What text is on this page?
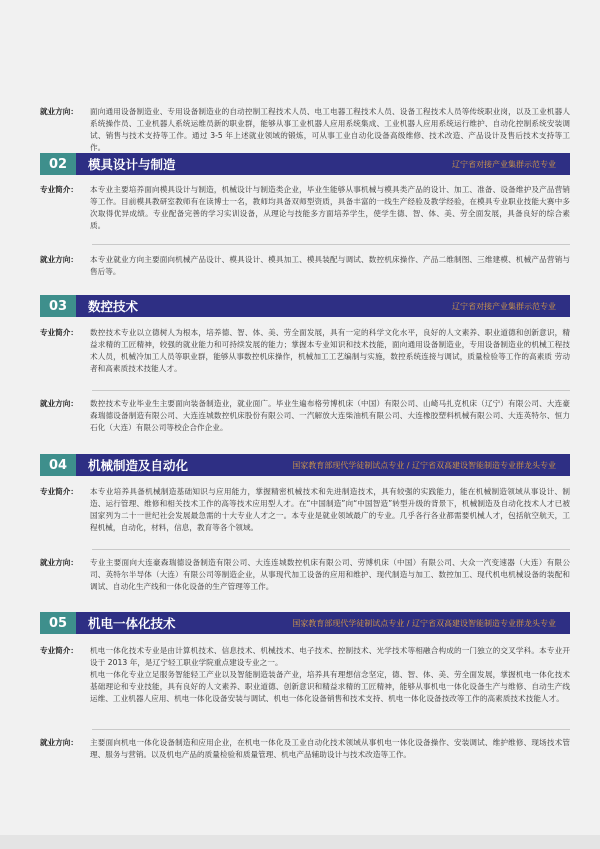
就业方向：	面向通用设备制造业、专用设备制造业的自动控制工程技术人员、电工电器工程技术人员、设备工程技术人员等传统职业岗，以及工业机器人系统操作员、工业机器人系统运维员新的职业群，能够从事工业机器人应用系统集成、工业机器人应用系统运行维护、自动化控制系统安装调试、销售与技术支持等工作。通过 3-5 年上述就业领域的锻炼，可从事工业自动化设备高级维修、技术改造、产品设计及售后技术支持等工作。
02	模具设计与制造	辽宁省对接产业集群示范专业
专业简介：	本专业主要培养面向模具设计与制造，机械设计与制造类企业，毕业生能够从事机械与模具类产品的设计、加工、准备、设备维护及产品营销等工作。目前模具教研室教师有在读博士一名，教师均具备双师型资质，具备丰富的一线生产经验及教学经验，在模具专业职业技能大赛中多次取得优异成绩。专业配备完善的学习实训设备，从理论与技能多方面培养学生，使学生德、智、体、美、劳全面发展，具备良好的综合素质。

就业方向：	本专业就业方向主要面向机械产品设计、模具设计、模具加工、模具装配与调试、数控机床操作、产品二维制图、三维建模、机械产品营销与售后等。
03	数控技术	辽宁省对接产业集群示范专业
专业简介：	数控技术专业以立德树人为根本，培养德、智、体、美、劳全面发展，具有一定的科学文化水平，良好的人文素养、职业道德和创新意识，精益求精的工匠精神，较强的就业能力和可持续发展的能力；掌握本专业知识和技术技能，面向通用设备制造业，专用设备制造业的机械工程技术人员，机械冷加工人员等职业群，能够从事数控机床操作，机械加工工艺编制与实施，数控系统连接与调试，质量检验等工作的高素质 劳动者和高素质技术技能人才。

就业方向：	数控技术专业毕业生主要面向装备制造业，就业面广。毕业生遍布格劳博机床（中国）有限公司、山崎马扎克机床（辽宁）有限公司、大连豪森瑞德设备制造有限公司、大连连城数控机床股份有限公司、一汽解放大连柴油机有限公司、大连橡胶塑料机械有限公司、大连英特尔、恒力石化（大连）有限公司等校企合作企业。
04	机械制造及自动化	国家教育部现代学徒制试点专业 / 辽宁省双高建设智能制造专业群龙头专业
专业简介：	本专业培养具备机械制造基础知识与应用能力，掌握精密机械技术和先进制造技术，具有较强的实践能力，能在机械制造领域从事设计、制造、运行管理、维修和相关技术工作的高等技术应用型人才。在“中国制造”向“中国智造”转型升级的背景下，机械制造及自动化技术人才已被国家列为二十一世纪社会发展最急需的十大专业人才之一。本专业是就业领域最广的专业。几乎各行各业都需要机械人才，包括航空航天，工程机械，自动化，材料，信息，教育等各个领域。

就业方向：	专业主要面向大连豪森瑞德设备制造有限公司、大连连城数控机床有限公司、劳博机床（中国）有限公司、大众一汽变速器（大连）有限公司、英特尔半导体（大连）有限公司等制造企业，从事现代加工设备的应用和维护、现代制造与加工、数控加工、现代机电机械设备的装配和调试、自动化生产线和一体化设备的生产管理等工作。
05	机电一体化技术	国家教育部现代学徒制试点专业 / 辽宁省双高建设智能制造专业群龙头专业
专业简介：	机电一体化技术专业是由计算机技术、信息技术、机械技术、电子技术、控制技术、光学技术等相融合构成的一门独立的交叉学科。本专业开设于 2013 年，是辽宁轻工职业学院重点建设专业之一。

机电一体化专业立足服务智能轻工产业以及智能制造装备产业，培养具有理想信念坚定，德、智、体、美、劳全面发展，掌握机电一体化技术基础理论和专业技能，具有良好的人文素养、职业道德、创新意识和精益求精的工匠精神，能够从事机电一体化设备生产与维修、自动生产线运维、工业机器人应用、机电一体化设备安装与调试、机电一体化设备销售和技术支持、机电一体化设备技改等工作的高素质技术技能人才。

就业方向：	主要面向机电一体化设备制造和应用企业，在机电一体化及工业自动化技术领域从事机电一体化设备操作、安装调试、维护维修、现场技术管理、服务与营销。以及机电产品的质量检验和质量管理、机电产品辅助设计与技术改造等工作。
